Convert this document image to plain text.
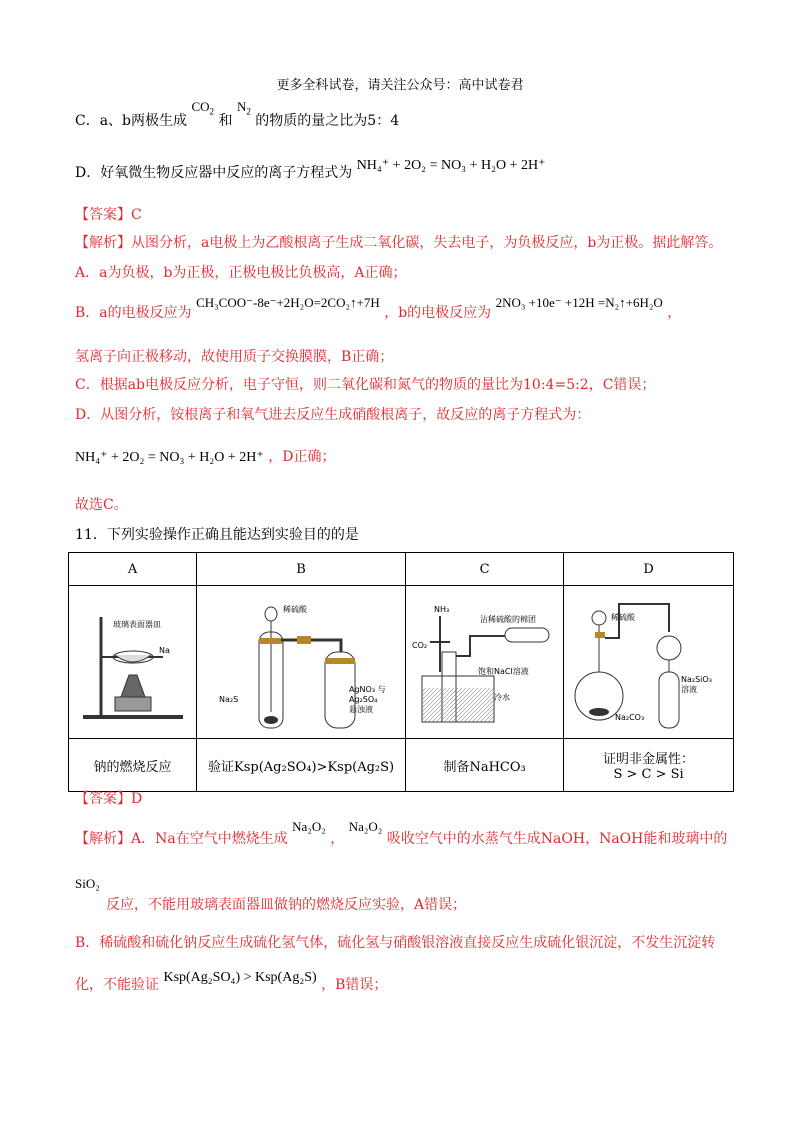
更多全科试卷，请关注公众号：高中试卷君
C．a、b两极生成 $CO_2$ 和 $N_2$ 的物质的量之比为5：4
D．好氧微生物反应器中反应的离子方程式为 NH₄⁺ + 2O₂ = NO₃ + H₂O + 2H⁺
【答案】C
【解析】从图分析，a电极上为乙酸根离子生成二氧化碳，失去电子，为负极反应，b为正极。据此解答。
A．a为负极，b为正极，正极电极比负极高，A正确；
B．a的电极反应为 CH₃COO⁻-8e⁻+2H₂O=2CO₂↑+7H ，b的电极反应为 2NO₃ +10e⁻ +12H =N₂↑+6H₂O ，
氢离子向正极移动，故使用质子交换膜膜，B正确；
C．根据ab电极反应分析，电子守恒，则二氧化碳和氮气的物质的量比为10:4=5:2，C错误；
D．从图分析，铵根离子和氧气进去反应生成硝酸根离子，故反应的离子方程式为：
NH₄⁺ + 2O₂ = NO₃ + H₂O + 2H⁺ ，D正确；
故选C。
11．下列实验操作正确且能达到实验目的的是
A	B	C	D

玻璃表面器皿
Na	稀硫酸
Na₂S
AgNO₃ 与
Ag₂SO₄
悬浊液	NH₃
CO₂
沾稀硫酸的棉团
饱和NaCl溶液
冷水	稀硫酸
Na₂SiO₃
溶液
Na₂CO₃

钠的燃烧反应	验证Ksp(Ag₂SO₄)>Ksp(Ag₂S)	制备NaHCO₃	证明非金属性：
S > C > Si
【答案】D
【解析】A．Na在空气中燃烧生成 Na₂O₂ ， Na₂O₂ 吸收空气中的水蒸气生成NaOH，NaOH能和玻璃中的
SiO₂
反应，不能用玻璃表面器皿做钠的燃烧反应实验，A错误；
B．稀硫酸和硫化钠反应生成硫化氢气体，硫化氢与硝酸银溶液直接反应生成硫化银沉淀，不发生沉淀转
化，不能验证 Ksp(Ag₂SO₄) > Ksp(Ag₂S) ，B错误；
